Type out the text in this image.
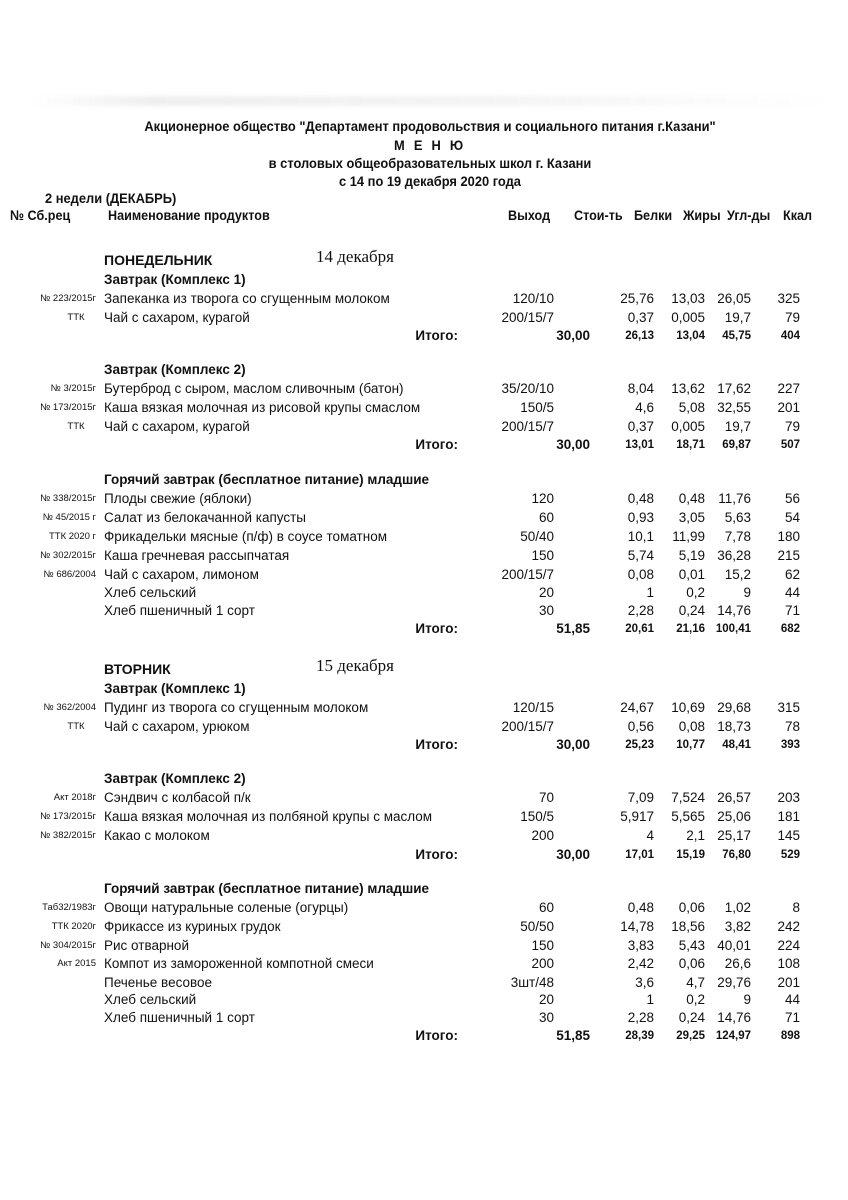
Акционерное общество "Департамент продовольствия и социального питания г.Казани"
М Е Н Ю
в столовых общеобразовательных школ г. Казани
с 14 по 19 декабря 2020 года
2 недели (ДЕКАБРЬ)
№ Сб.рец	Наименование продуктов	Выход Стои-ть Белки Жиры Угл-ды Ккал
ПОНЕДЕЛЬНИК	14 декабря
Завтрак (Комплекс 1)
№ 223/2015г Запеканка из творога со сгущенным молоком	120/10	25,76 13,03 26,05 325
ТТК	Чай с сахаром, курагой	200/15/7	0,37 0,005 19,7	79
Итого:	30,00	26,13 13,04 45,75	404
Завтрак (Комплекс 2)
№ 3/2015г Бутерброд с сыром, маслом сливочным (батон)	35/20/10	8,04 13,62 17,62 227
№ 173/2015г Каша вязкая молочная из рисовой крупы смаслом	150/5	4,6 5,08 32,55 201
ТТК	Чай с сахаром, курагой	200/15/7	0,37 0,005 19,7	79
Итого:	30,00	13,01 18,71 69,87	507
Горячий завтрак (бесплатное питание) младшие
№ 338/2015г Плоды свежие (яблоки)	120	0,48 0,48 11,76	56
№ 45/2015 г Салат из белокачанной капусты	60	0,93 3,05 5,63	54
ТТК 2020 г Фрикадельки мясные (п/ф) в соусе томатном	50/40	10,1 11,99 7,78 180
№ 302/2015г Каша гречневая рассыпчатая	150	5,74 5,19 36,28 215
№ 686/2004 Чай с сахаром, лимоном	200/15/7	0,08 0,01 15,2	62
Хлеб сельский	20	1 0,2	9	44
Хлеб пшеничный 1 сорт	30	2,28 0,24 14,76	71
Итого:	51,85	20,61 21,16 100,41	682
ВТОРНИК	15 декабря
Завтрак (Комплекс 1)
№ 362/2004 Пудинг из творога со сгущенным молоком	120/15	24,67 10,69 29,68 315
ТТК	Чай с сахаром, урюком	200/15/7	0,56 0,08 18,73	78
Итого:	30,00	25,23 10,77 48,41	393
Завтрак (Комплекс 2)
Акт 2018г Сэндвич с колбасой п/к	70	7,09 7,524 26,57 203
№ 173/2015г Каша вязкая молочная из полбяной крупы с маслом	150/5	5,917 5,565 25,06 181
№ 382/2015г Какао с молоком	200	4 2,1 25,17 145
Итого:	30,00	17,01 15,19 76,80	529
Горячий завтрак (бесплатное питание) младшие
Таб32/1983г Овощи натуральные соленые (огурцы)	60	0,48 0,06 1,02	8
ТТК 2020г Фрикассе из куриных грудок	50/50	14,78 18,56 3,82 242
№ 304/2015г Рис отварной	150	3,83 5,43 40,01 224
Акт 2015 Компот из замороженной компотной смеси	200	2,42 0,06 26,6 108
Печенье весовое	3шт/48	3,6 4,7 29,76 201
Хлеб сельский	20	1 0,2	9	44
Хлеб пшеничный 1 сорт	30	2,28 0,24 14,76	71
Итого:	51,85	28,39 29,25 124,97	898
